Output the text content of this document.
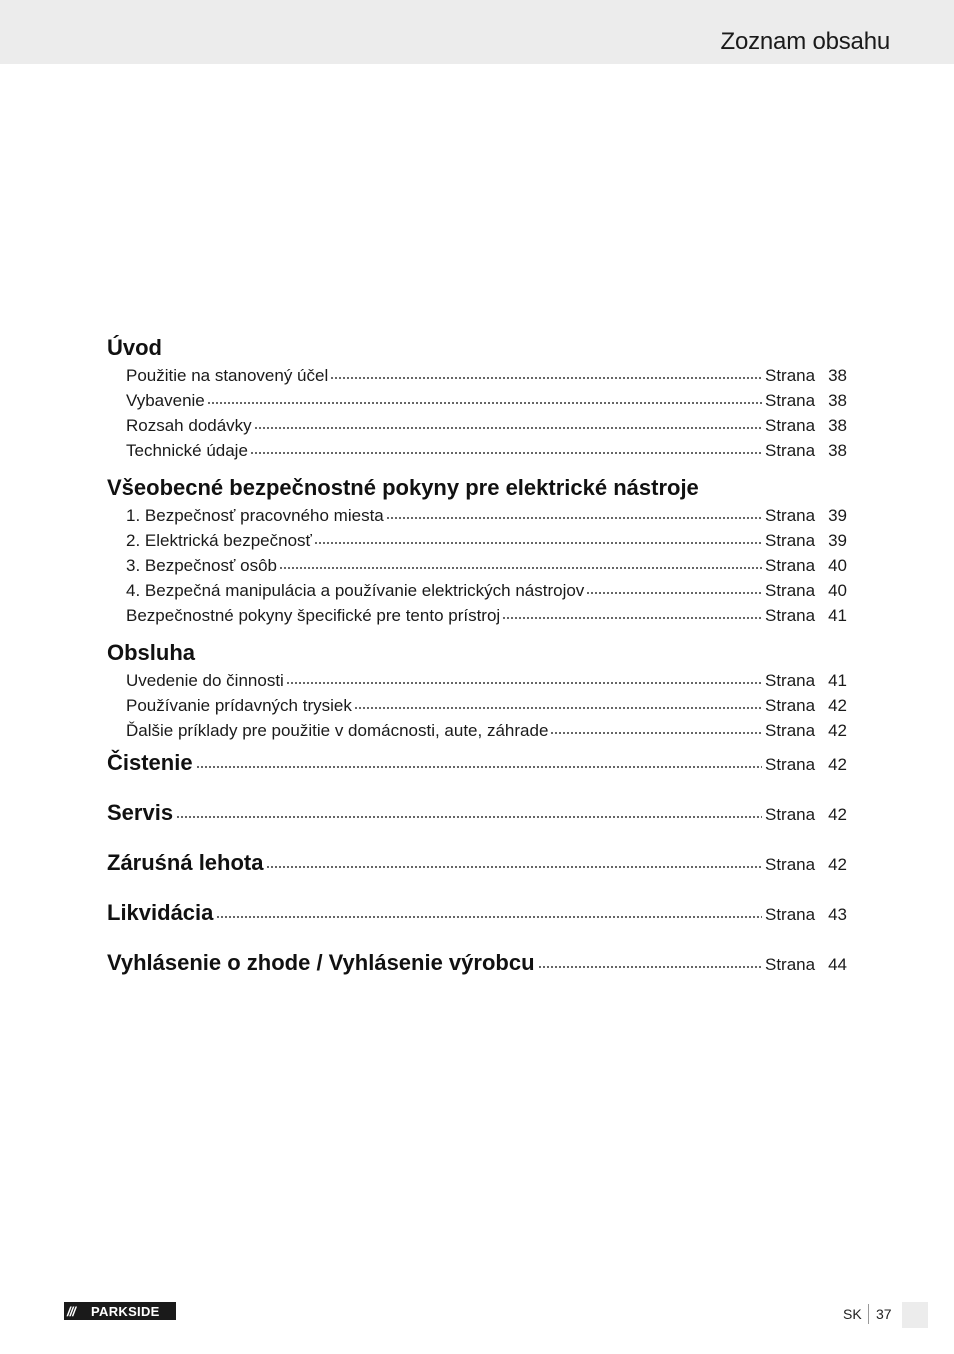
Zoznam obsahu
Úvod
Použitie na stanovený účel	Strana 38
Vybavenie	Strana 38
Rozsah dodávky	Strana 38
Technické údaje	Strana 38
Všeobecné bezpečnostné pokyny pre elektrické nástroje
1. Bezpečnosť pracovného miesta	Strana 39
2. Elektrická bezpečnosť	Strana 39
3. Bezpečnosť osôb	Strana 40
4. Bezpečná manipulácia a používanie elektrických nástrojov	Strana 40
Bezpečnostné pokyny špecifické pre tento prístroj	Strana 41
Obsluha
Uvedenie do činnosti	Strana 41
Používanie prídavných trysiek	Strana 42
Ďalšie príklady pre použitie v domácnosti, aute, záhrade	Strana 42
Čistenie	Strana 42
Servis	Strana 42
Záruśná lehota	Strana 42
Likvidácia	Strana 43
Vyhlásenie o zhode / Vyhlásenie výrobcu	Strana 44
///	PARKSIDE	SK 37
